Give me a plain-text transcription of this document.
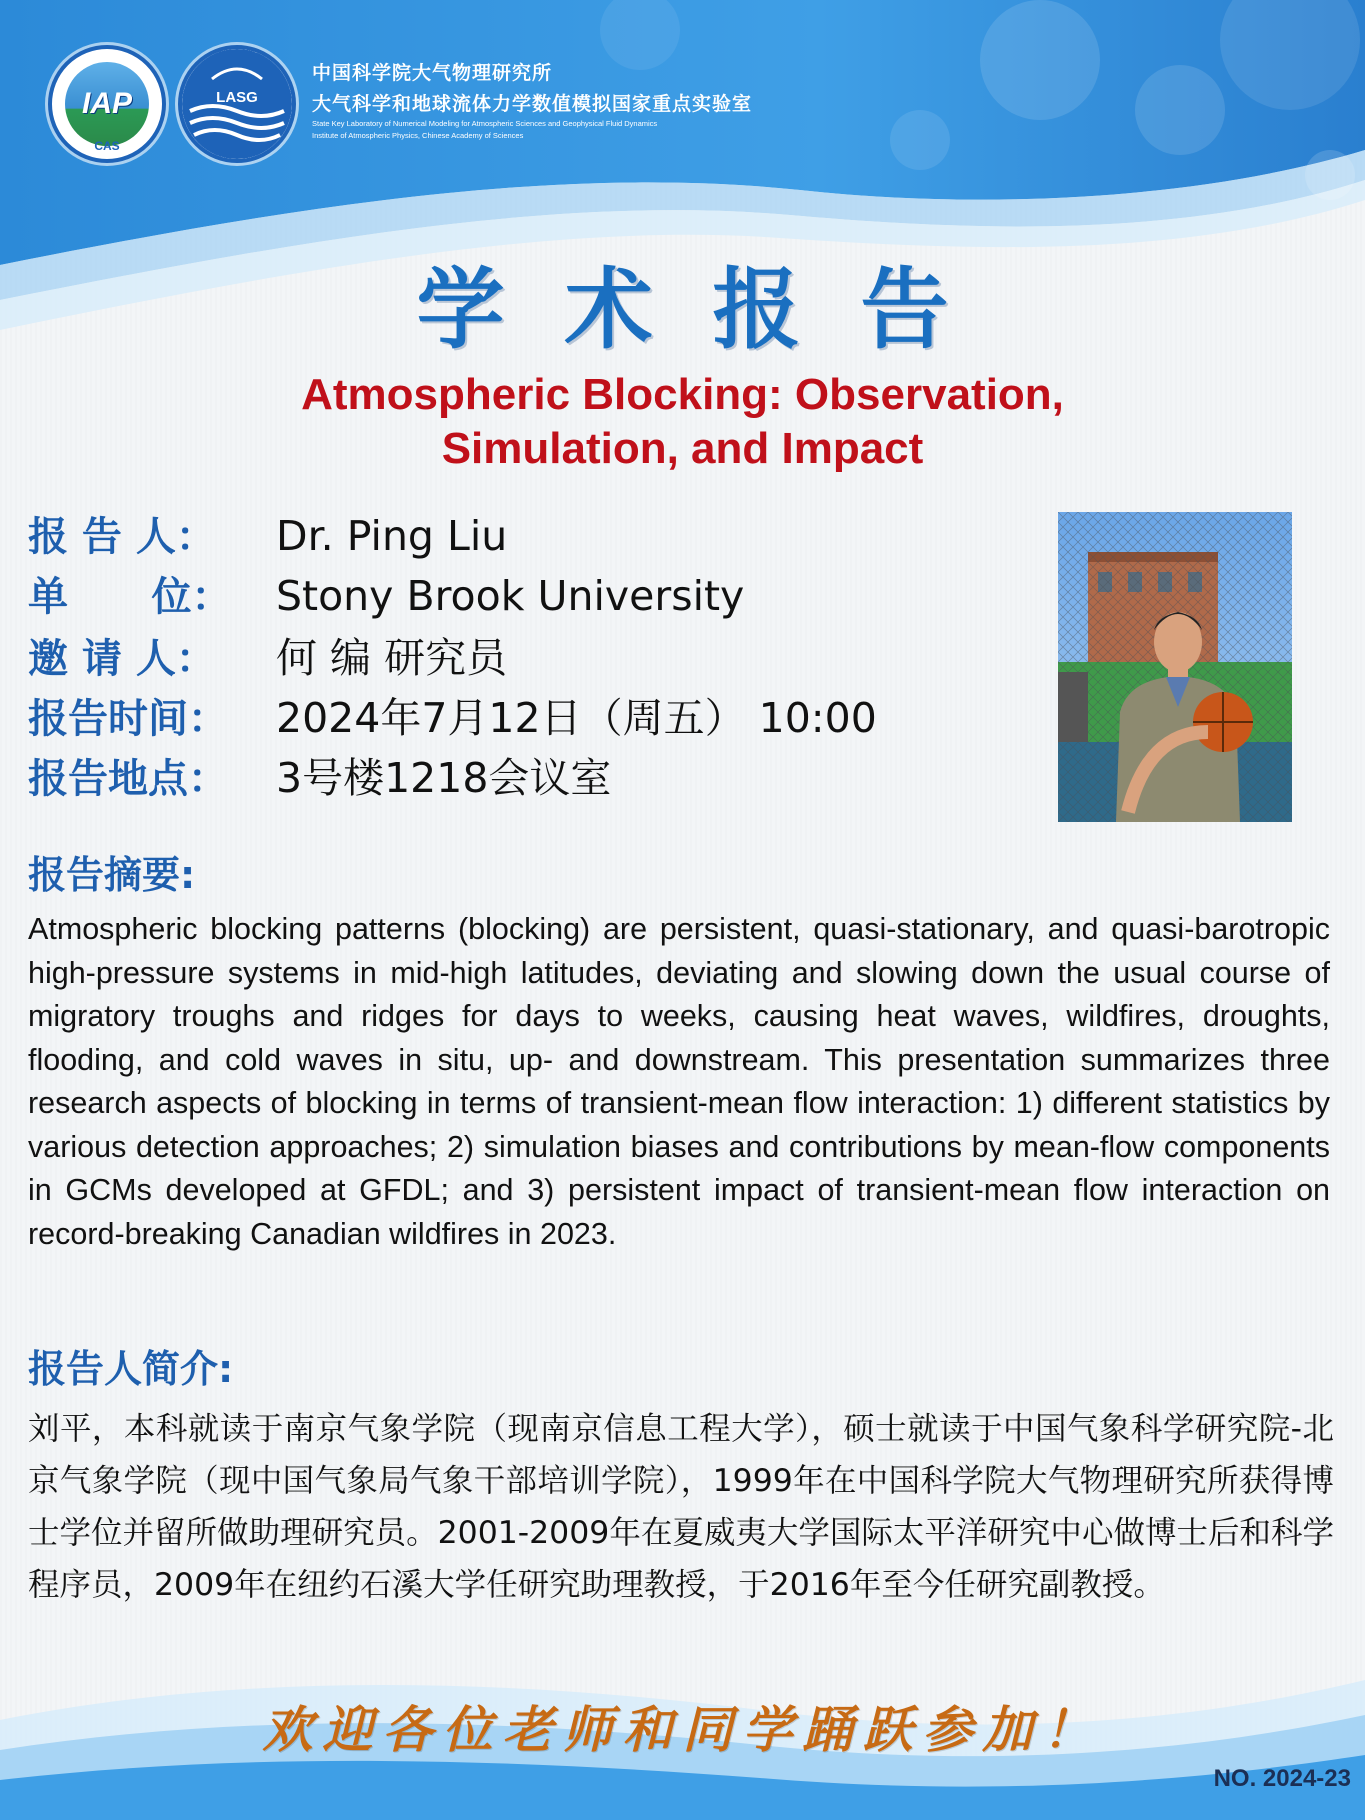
IAP
CAS
LASG
中国科学院大气物理研究所
大气科学和地球流体力学数值模拟国家重点实验室
State Key Laboratory of Numerical Modeling for Atmospheric Sciences and Geophysical Fluid Dynamics
Institute of Atmospheric Physics, Chinese Academy of Sciences
学术报告
Atmospheric Blocking: Observation,
Simulation, and Impact
报 告 人：	Dr. Ping Liu
单      位：	Stony Brook University
邀 请 人：	何 编 研究员
报告时间：	2024年7月12日（周五） 10:00
报告地点：	3号楼1218会议室
报告摘要:
Atmospheric blocking patterns (blocking) are persistent, quasi-stationary, and quasi-barotropic high-pressure systems in mid-high latitudes, deviating and slowing down the usual course of migratory troughs and ridges for days to weeks, causing heat waves, wildfires, droughts, flooding, and cold waves in situ, up- and downstream. This presentation summarizes three research aspects of blocking in terms of transient-mean flow interaction: 1) different statistics by various detection approaches; 2) simulation biases and contributions by mean-flow components in GCMs developed at GFDL; and 3) persistent impact of transient-mean flow interaction on record-breaking Canadian wildfires in 2023.
报告人简介:
刘平，本科就读于南京气象学院（现南京信息工程大学），硕士就读于中国气象科学研究院-北京气象学院（现中国气象局气象干部培训学院），1999年在中国科学院大气物理研究所获得博士学位并留所做助理研究员。2001-2009年在夏威夷大学国际太平洋研究中心做博士后和科学程序员，2009年在纽约石溪大学任研究助理教授，于2016年至今任研究副教授。
欢迎各位老师和同学踊跃参加！
NO. 2024-23
